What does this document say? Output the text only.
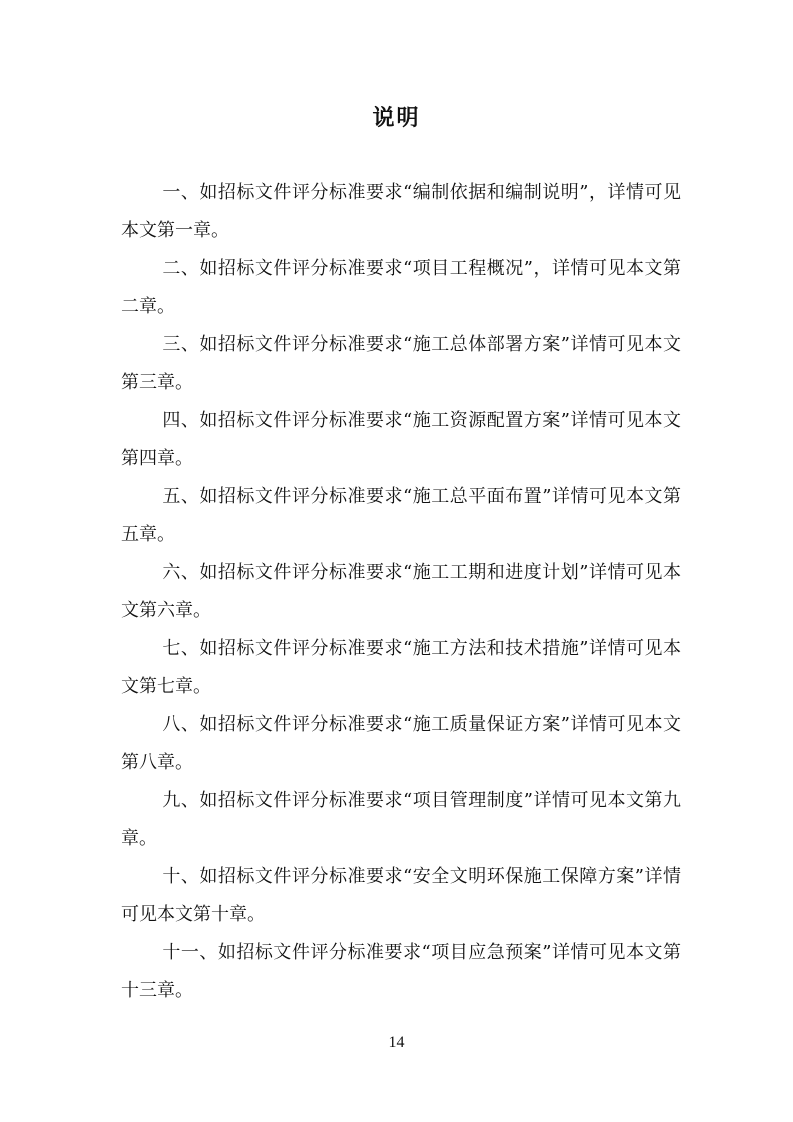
说明

一、如招标文件评分标准要求“编制依据和编制说明”，详情可见本文第一章。

二、如招标文件评分标准要求“项目工程概况”，详情可见本文第二章。

三、如招标文件评分标准要求“施工总体部署方案”详情可见本文第三章。

四、如招标文件评分标准要求“施工资源配置方案”详情可见本文第四章。

五、如招标文件评分标准要求“施工总平面布置”详情可见本文第五章。

六、如招标文件评分标准要求“施工工期和进度计划”详情可见本文第六章。

七、如招标文件评分标准要求“施工方法和技术措施”详情可见本文第七章。

八、如招标文件评分标准要求“施工质量保证方案”详情可见本文第八章。

九、如招标文件评分标准要求“项目管理制度”详情可见本文第九章。

十、如招标文件评分标准要求“安全文明环保施工保障方案”详情可见本文第十章。

十一、如招标文件评分标准要求“项目应急预案”详情可见本文第十三章。

14
